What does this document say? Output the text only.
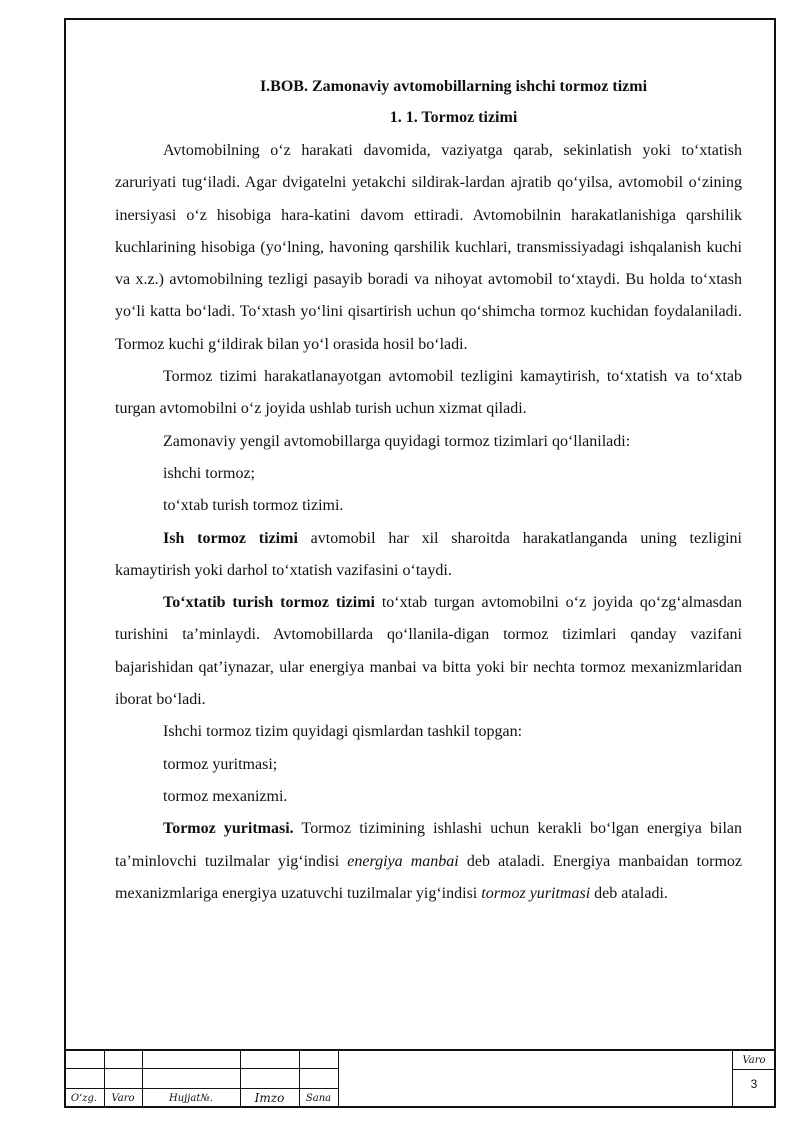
I.BOB. Zamonaviy avtomobillarning ishchi tormoz tizmi

1. 1. Tormoz tizimi

Avtomobilning o‘z harakati davomida, vaziyatga qarab, sekinlatish yoki to‘xtatish zaruriyati tug‘iladi. Agar dvigatelni yetakchi sildirak-lardan ajratib qo‘yilsa, avtomobil o‘zining inersiyasi o‘z hisobiga hara-katini davom ettiradi. Avtomobilnin harakatlanishiga qarshilik kuchlarining hisobiga (yo‘lning, havoning qarshilik kuchlari, transmissiyadagi ishqalanish kuchi va x.z.) avtomobilning tezligi pasayib boradi va nihoyat avtomobil to‘xtaydi. Bu holda to‘xtash yo‘li katta bo‘ladi. To‘xtash yo‘lini qisartirish uchun qo‘shimcha tormoz kuchidan foydalaniladi. Tormoz kuchi g‘ildirak bilan yo‘l orasida hosil bo‘ladi.

Tormoz tizimi harakatlanayotgan avtomobil tezligini kamaytirish, to‘xtatish va to‘xtab turgan avtomobilni o‘z joyida ushlab turish uchun xizmat qiladi.

Zamonaviy yengil avtomobillarga quyidagi tormoz tizimlari qo‘llaniladi:

ishchi tormoz;

to‘xtab turish tormoz tizimi.

Ish tormoz tizimi avtomobil har xil sharoitda harakatlanganda uning tezligini kamaytirish yoki darhol to‘xtatish vazifasini o‘taydi.

To‘xtatib turish tormoz tizimi to‘xtab turgan avtomobilni o‘z joyida qo‘zg‘almasdan turishini ta’minlaydi. Avtomobillarda qo‘llanila-digan tormoz tizimlari qanday vazifani bajarishidan qat’iynazar, ular energiya manbai va bitta yoki bir nechta tormoz mexanizmlaridan iborat bo‘ladi.

Ishchi tormoz tizim quyidagi qismlardan tashkil topgan:

tormoz yuritmasi;

tormoz mexanizmi.

Tormoz yuritmasi. Tormoz tizimining ishlashi uchun kerakli bo‘lgan energiya bilan ta’minlovchi tuzilmalar yig‘indisi energiya manbai deb ataladi. Energiya manbaidan tormoz mexanizmlariga energiya uzatuvchi tuzilmalar yig‘indisi tormoz yuritmasi deb ataladi.

O‘zg.	Varo	Hujjat№.	Imzo	Sana
Varo
3
